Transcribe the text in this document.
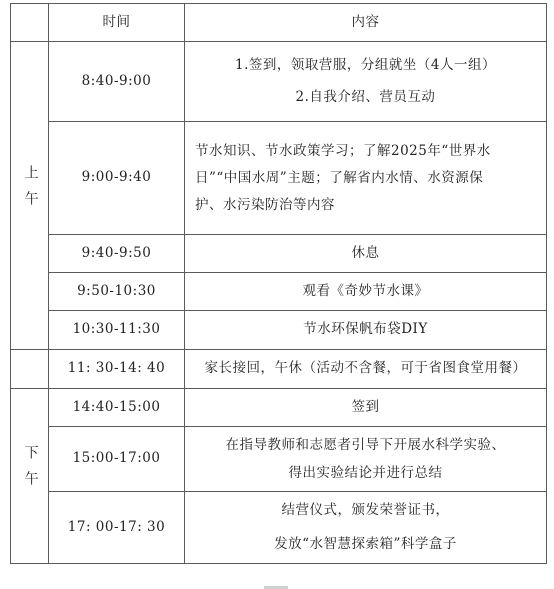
	时间	内容
上午	8:40-9:00	1.签到，领取营服，分组就坐（4人一组）
2.自我介绍、营员互动

	9:00-9:40	节水知识、节水政策学习；了解2025年“世界水
日”“中国水周”主题；了解省内水情、水资源保
护、水污染防治等内容

	9:40-9:50	休息

	9:50-10:30	观看《奇妙节水课》

	10:30-11:30	节水环保帆布袋DIY

	11: 30-14: 40	家长接回，午休（活动不含餐，可于省图食堂用餐）
下午	14:40-15:00	签到

	15:00-17:00	在指导教师和志愿者引导下开展水科学实验、
得出实验结论并进行总结

	17: 00-17: 30	结营仪式，颁发荣誉证书，
发放“水智慧探索箱”科学盒子
